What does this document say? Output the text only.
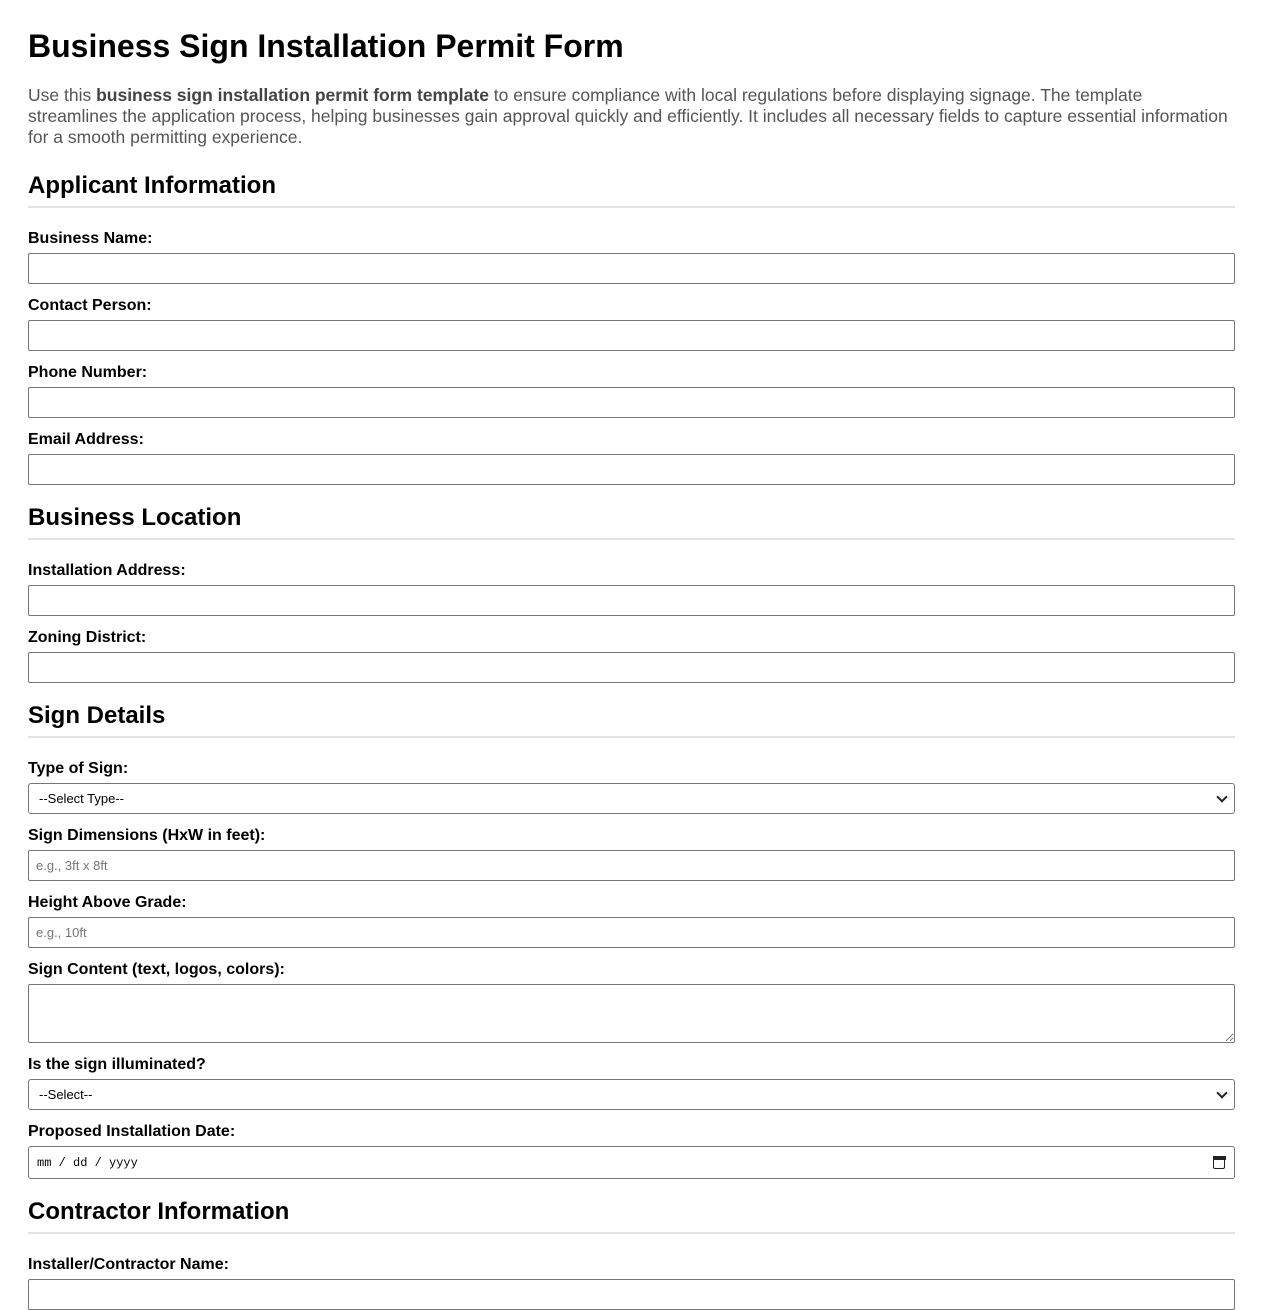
Business Sign Installation Permit Form

Use this business sign installation permit form template to ensure compliance with local regulations before displaying signage. The template streamlines the application process, helping businesses gain approval quickly and efficiently. It includes all necessary fields to capture essential information for a smooth permitting experience.

Applicant Information
Business Name:
Contact Person:
Phone Number:
Email Address:
Business Location
Installation Address:
Zoning District:
Sign Details
Type of Sign:
--Select Type--
Sign Dimensions (HxW in feet):
e.g., 3ft x 8ft
Height Above Grade:
e.g., 10ft
Sign Content (text, logos, colors):
Is the sign illuminated?
--Select--
Proposed Installation Date:
mm / dd / yyyy
Contractor Information
Installer/Contractor Name:
